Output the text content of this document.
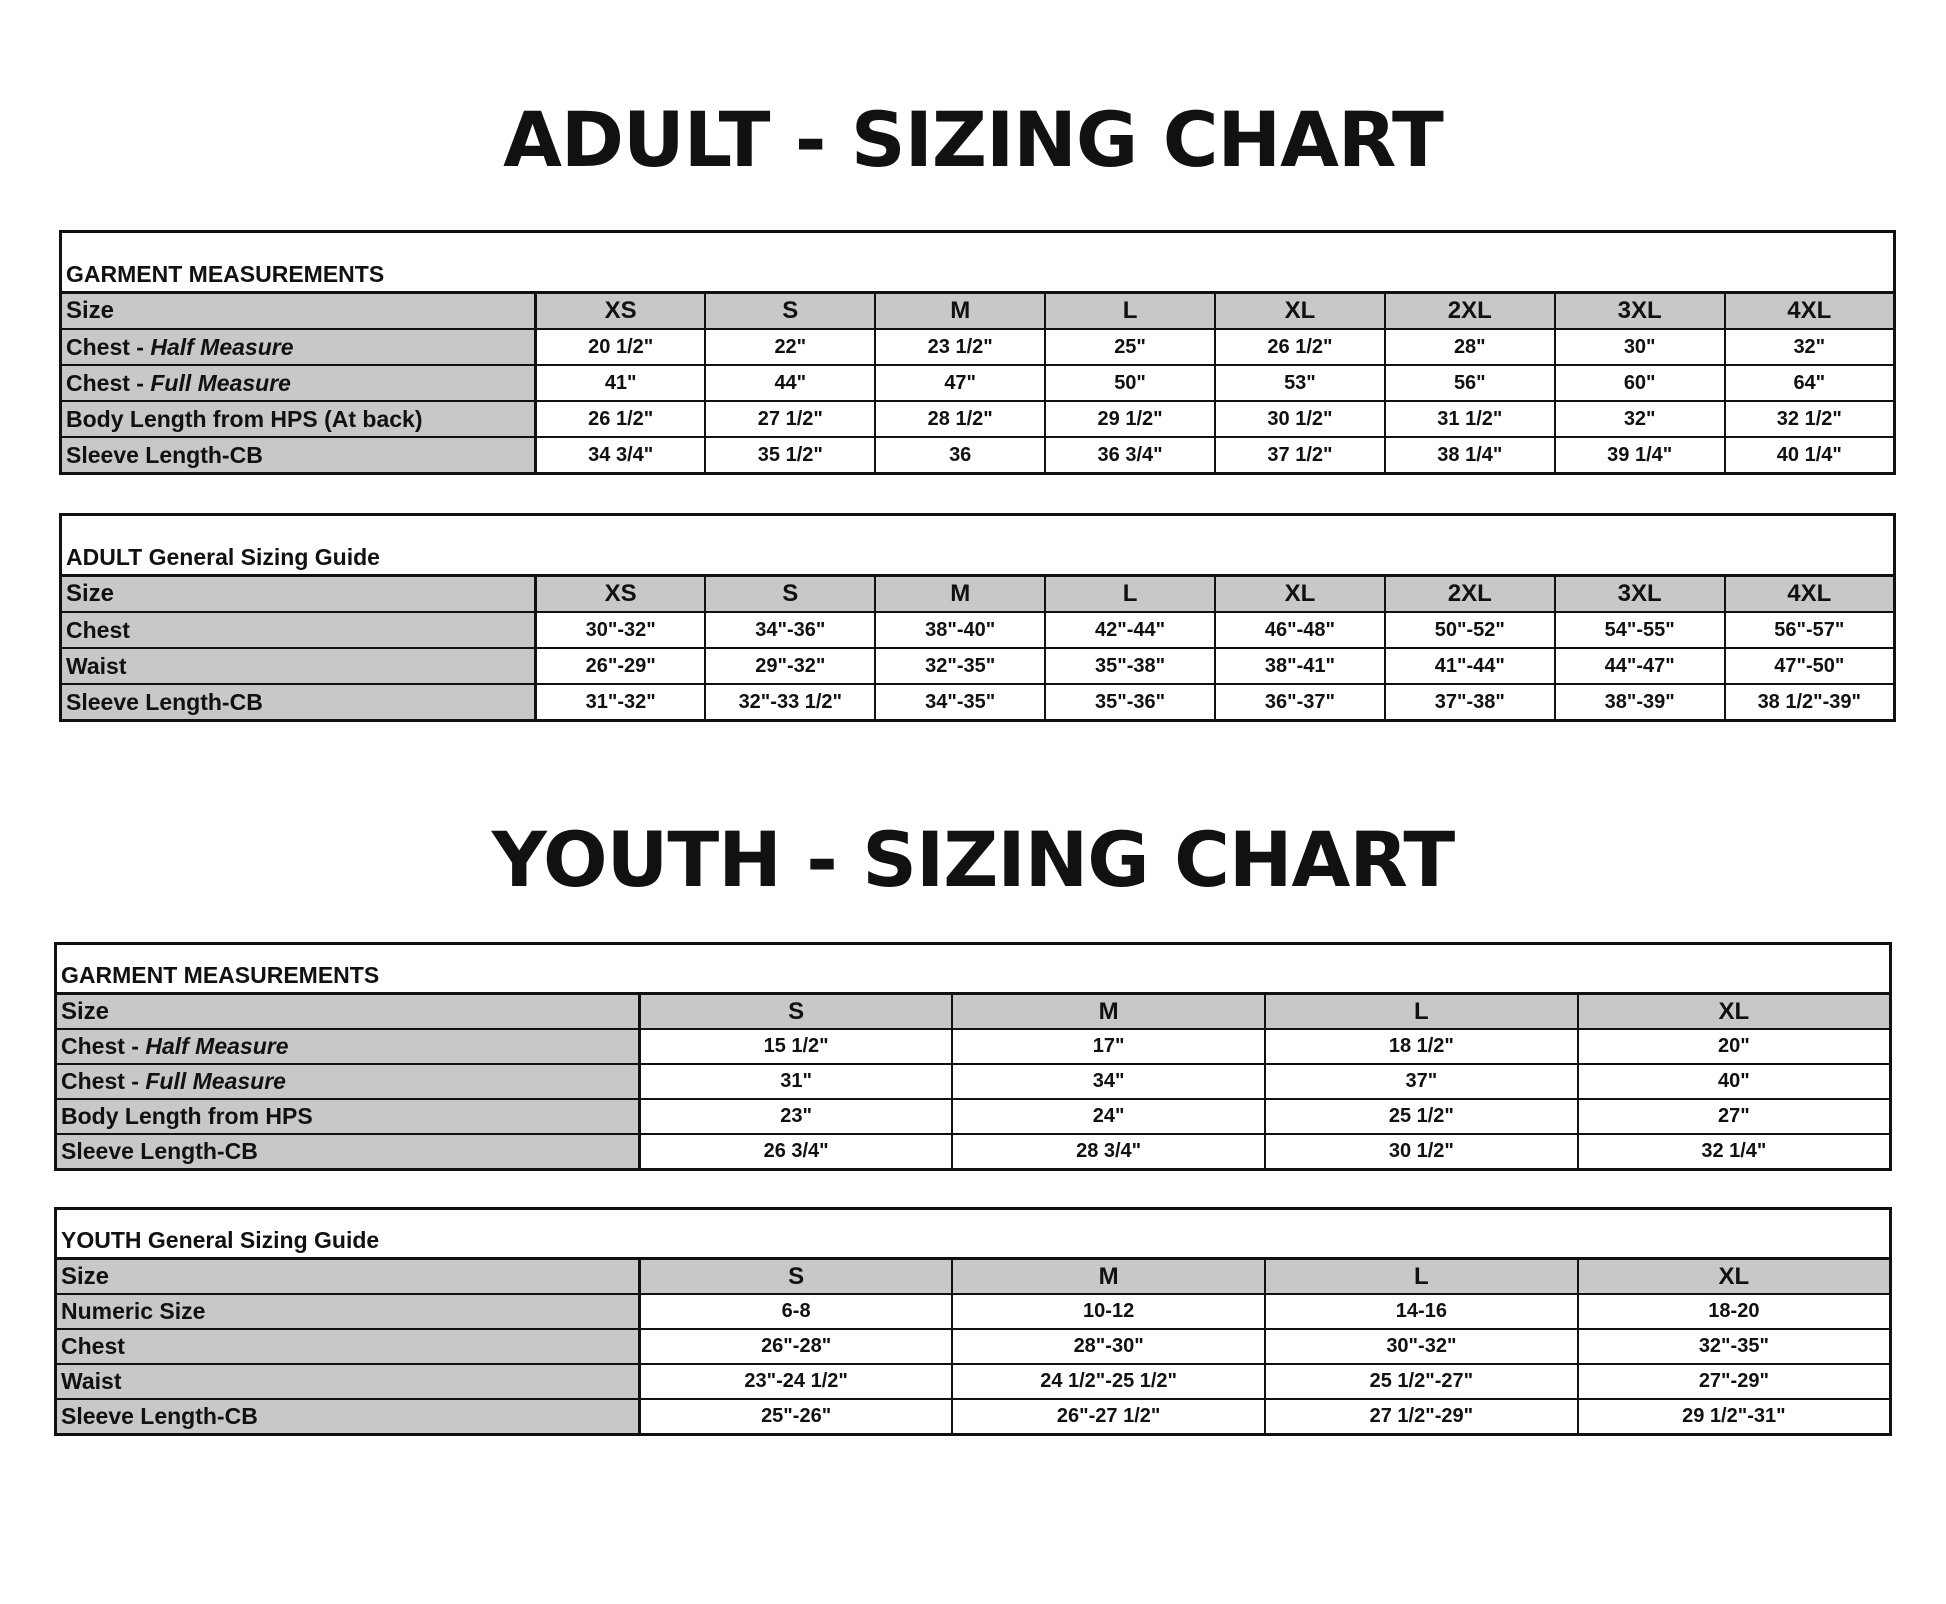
ADULT - SIZING CHART
GARMENT MEASUREMENTS								
Size	XS	S	M	L	XL	2XL	3XL	4XL
Chest - Half Measure	20 1/2"	22"	23 1/2"	25"	26 1/2"	28"	30"	32"
Chest - Full Measure	41"	44"	47"	50"	53"	56"	60"	64"
Body Length from HPS (At back)	26 1/2"	27 1/2"	28 1/2"	29 1/2"	30 1/2"	31 1/2"	32"	32 1/2"
Sleeve Length-CB	34 3/4"	35 1/2"	36	36 3/4"	37 1/2"	38 1/4"	39 1/4"	40 1/4"
ADULT General Sizing Guide								
Size	XS	S	M	L	XL	2XL	3XL	4XL
Chest	30"-32"	34"-36"	38"-40"	42"-44"	46"-48"	50"-52"	54"-55"	56"-57"
Waist	26"-29"	29"-32"	32"-35"	35"-38"	38"-41"	41"-44"	44"-47"	47"-50"
Sleeve Length-CB	31"-32"	32"-33 1/2"	34"-35"	35"-36"	36"-37"	37"-38"	38"-39"	38 1/2"-39"
YOUTH - SIZING CHART
GARMENT MEASUREMENTS				
Size	S	M	L	XL
Chest - Half Measure	15 1/2"	17"	18 1/2"	20"
Chest - Full Measure	31"	34"	37"	40"
Body Length from HPS	23"	24"	25 1/2"	27"
Sleeve Length-CB	26 3/4"	28 3/4"	30 1/2"	32 1/4"
YOUTH General Sizing Guide				
Size	S	M	L	XL
Numeric Size	6-8	10-12	14-16	18-20
Chest	26"-28"	28"-30"	30"-32"	32"-35"
Waist	23"-24 1/2"	24 1/2"-25 1/2"	25 1/2"-27"	27"-29"
Sleeve Length-CB	25"-26"	26"-27 1/2"	27 1/2"-29"	29 1/2"-31"
